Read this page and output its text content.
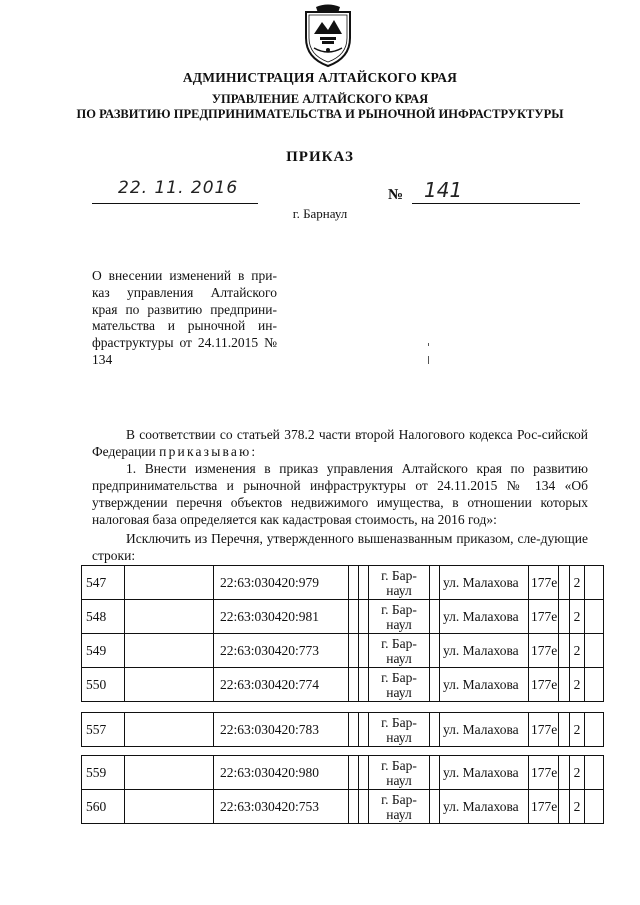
АДМИНИСТРАЦИЯ АЛТАЙСКОГО КРАЯ
УПРАВЛЕНИЕ АЛТАЙСКОГО КРАЯ
ПО РАЗВИТИЮ ПРЕДПРИНИМАТЕЛЬСТВА И РЫНОЧНОЙ ИНФРАСТРУКТУРЫ
ПРИКАЗ
22. 11. 2016	№ 141
г. Барнаул
О внесении изменений в при-каз управления Алтайского края по развитию предприни-мательства и рыночной ин-фраструктуры от 24.11.2015 № 134
В соответствии со статьей 378.2 части второй Налогового кодекса Рос-сийской Федерации приказываю:
1. Внести изменения в приказ управления Алтайского края по развитию предпринимательства и рыночной инфраструктуры от 24.11.2015 № 134 «Об утверждении перечня объектов недвижимого имущества, в отношении которых налоговая база определяется как кадастровая стоимость, на 2016 год»:
Исключить из Перечня, утвержденного вышеназванным приказом, сле-дующие строки:
547		22:63:030420:979			г. Бар-наул		ул. Малахова	177е		2	
548		22:63:030420:981			г. Бар-наул		ул. Малахова	177е		2	
549		22:63:030420:773			г. Бар-наул		ул. Малахова	177е		2	
550		22:63:030420:774			г. Бар-наул		ул. Малахова	177е		2	
557		22:63:030420:783			г. Бар-наул		ул. Малахова	177е		2	
559		22:63:030420:980			г. Бар-наул		ул. Малахова	177е		2	
560		22:63:030420:753			г. Бар-наул		ул. Малахова	177е		2	
